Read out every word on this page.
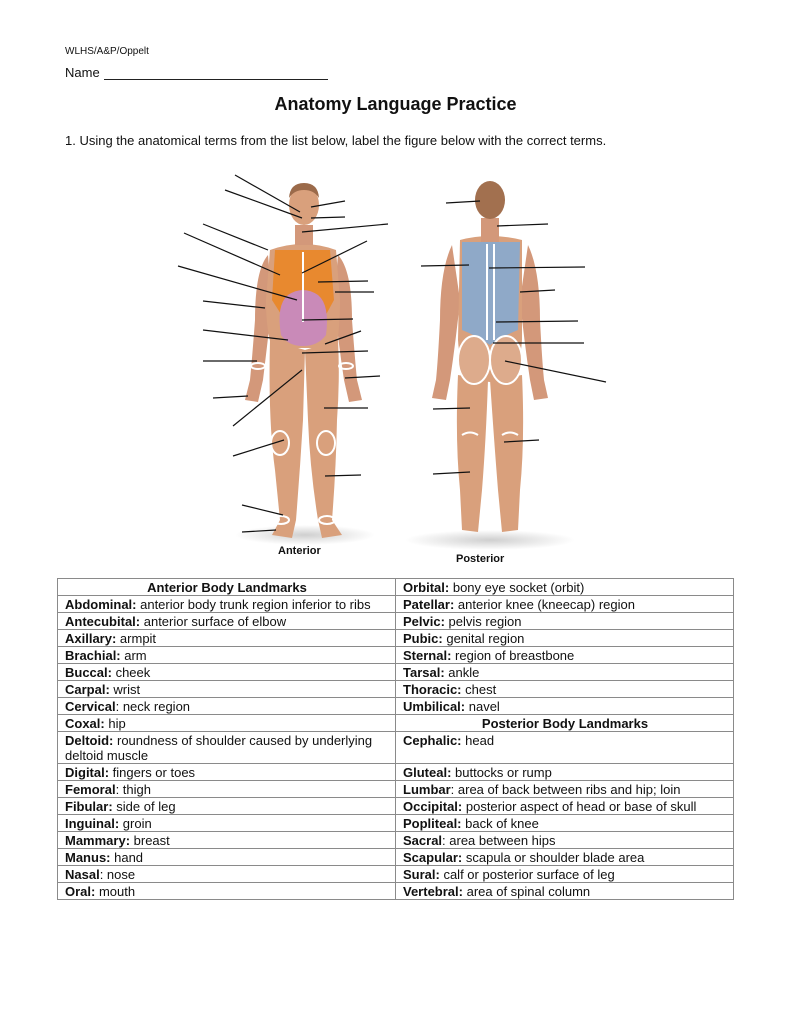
WLHS/A&P/Oppelt
Name
Anatomy Language Practice
1. Using the anatomical terms from the list below, label the figure below with the correct terms.
Anterior
Posterior
Anterior Body Landmarks	Orbital: bony eye socket (orbit)
Abdominal: anterior body trunk region inferior to ribs	Patellar: anterior knee (kneecap) region
Antecubital: anterior surface of elbow	Pelvic: pelvis region
Axillary: armpit	Pubic: genital region
Brachial: arm	Sternal: region of breastbone
Buccal: cheek	Tarsal: ankle
Carpal: wrist	Thoracic: chest
Cervical: neck region	Umbilical: navel
Coxal: hip	Posterior Body Landmarks
Deltoid: roundness of shoulder caused by underlying deltoid muscle	Cephalic: head
Digital: fingers or toes	Gluteal: buttocks or rump
Femoral: thigh	Lumbar: area of back between ribs and hip; loin
Fibular: side of leg	Occipital: posterior aspect of head or base of skull
Inguinal: groin	Popliteal: back of knee
Mammary: breast	Sacral: area between hips
Manus: hand	Scapular: scapula or shoulder blade area
Nasal: nose	Sural: calf or posterior surface of leg
Oral: mouth	Vertebral: area of spinal column
